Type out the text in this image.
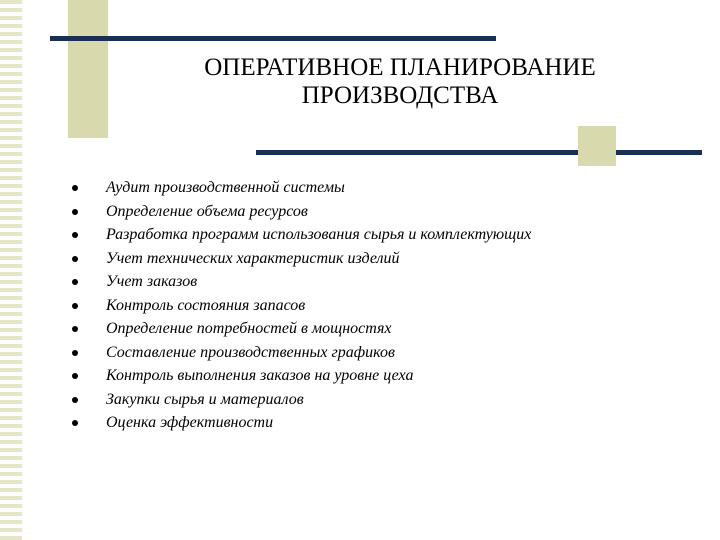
ОПЕРАТИВНОЕ ПЛАНИРОВАНИЕ
ПРОИЗВОДСТВА
Аудит производственной системы
Определение объема ресурсов
Разработка программ использования сырья и комплектующих
Учет технических характеристик изделий
Учет заказов
Контроль состояния запасов
Определение потребностей в мощностях
Составление производственных графиков
Контроль выполнения заказов на уровне цеха
Закупки сырья и материалов
Оценка эффективности
